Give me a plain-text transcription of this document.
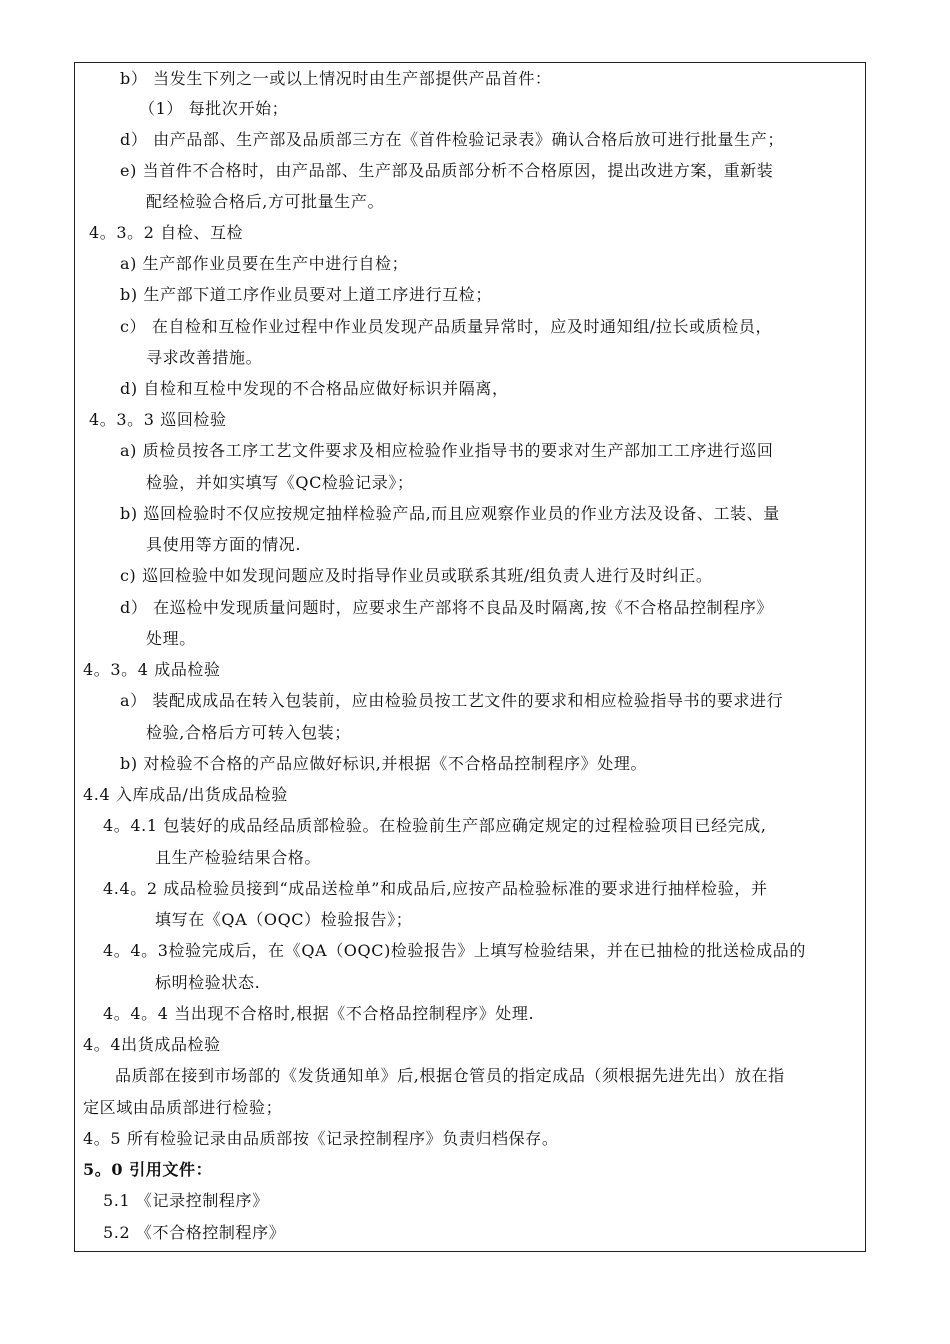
b） 当发生下列之一或以上情况时由生产部提供产品首件：
（1） 每批次开始；
d） 由产品部、生产部及品质部三方在《首件检验记录表》确认合格后放可进行批量生产；
e) 当首件不合格时，由产品部、生产部及品质部分析不合格原因，提出改进方案，重新装
配经检验合格后,方可批量生产。
4。3。2 自检、互检
a) 生产部作业员要在生产中进行自检；
b) 生产部下道工序作业员要对上道工序进行互检；
c） 在自检和互检作业过程中作业员发现产品质量异常时，应及时通知组/拉长或质检员，
寻求改善措施。
d) 自检和互检中发现的不合格品应做好标识并隔离，
4。3。3 巡回检验
a) 质检员按各工序工艺文件要求及相应检验作业指导书的要求对生产部加工工序进行巡回
检验，并如实填写《QC检验记录》；
b) 巡回检验时不仅应按规定抽样检验产品,而且应观察作业员的作业方法及设备、工装、量
具使用等方面的情况.
c) 巡回检验中如发现问题应及时指导作业员或联系其班/组负责人进行及时纠正。
d） 在巡检中发现质量问题时，应要求生产部将不良品及时隔离,按《不合格品控制程序》
处理。
4。3。4 成品检验
a） 装配成成品在转入包装前，应由检验员按工艺文件的要求和相应检验指导书的要求进行
检验,合格后方可转入包装；
b) 对检验不合格的产品应做好标识,并根据《不合格品控制程序》处理。
4.4 入库成品/出货成品检验
4。4.1 包装好的成品经品质部检验。在检验前生产部应确定规定的过程检验项目已经完成,
且生产检验结果合格。
4.4。2 成品检验员接到“成品送检单”和成品后,应按产品检验标准的要求进行抽样检验，并
填写在《QA（OQC）检验报告》；
4。4。3检验完成后，在《QA（OQC)检验报告》上填写检验结果，并在已抽检的批送检成品的
标明检验状态.
4。4。4 当出现不合格时,根据《不合格品控制程序》处理.
4。4出货成品检验
品质部在接到市场部的《发货通知单》后,根据仓管员的指定成品（须根据先进先出）放在指
定区域由品质部进行检验；
4。5 所有检验记录由品质部按《记录控制程序》负责归档保存。
5。0 引用文件：
5.1 《记录控制程序》
5.2 《不合格控制程序》
